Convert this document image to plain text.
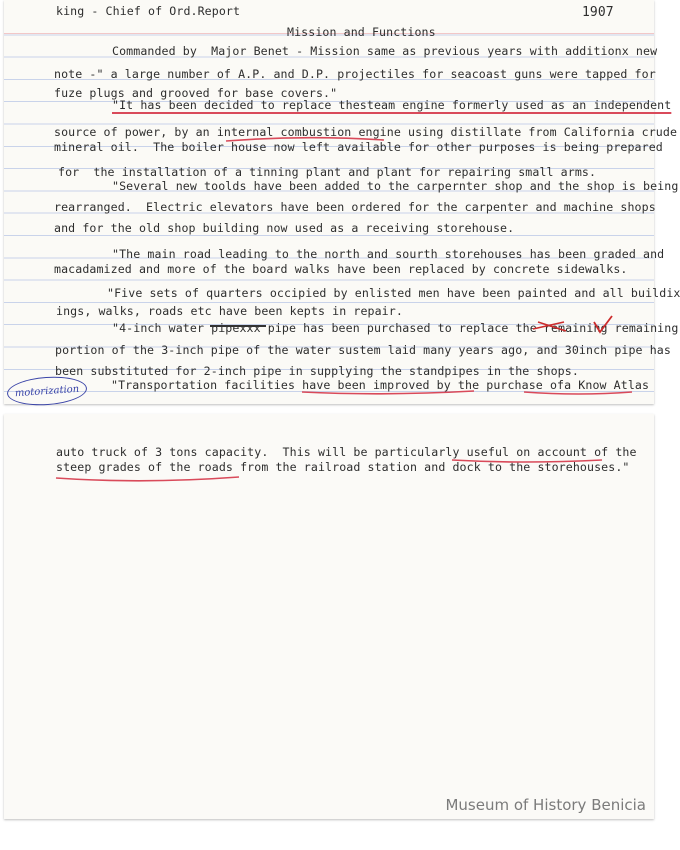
king - Chief of Ord.Report	1907
Mission and Functions
Commanded by  Major Benet - Mission same as previous years with additionx new
note -" a large number of A.P. and D.P. projectiles for seacoast guns were tapped for
fuze plugs and grooved for base covers."
"It has been decided to replace thesteam engine formerly used as an independent
source of power, by an internal combustion engine using distillate from California crude
mineral oil.  The boiler house now left available for other purposes is being prepared
for  the installation of a tinning plant and plant for repairing small arms.
"Several new toolds have been added to the carpernter shop and the shop is being
rearranged.  Electric elevators have been ordered for the carpenter and machine shops
and for the old shop building now used as a receiving storehouse.
"The main road leading to the north and sourth storehouses has been graded and
macadamized and more of the board walks have been replaced by concrete sidewalks.
"Five sets of quarters occipied by enlisted men have been painted and all buildix
ings, walks, roads etc have been kepts in repair.
"4-inch water pipexxx pipe has been purchased to replace the remaining remaining
portion of the 3-inch pipe of the water sustem laid many years ago, and 30inch pipe has
been substituted for 2-inch pipe in supplying the standpipes in the shops.
"Transportation facilities have been improved by the purchase ofa Know Atlas
motorization
auto truck of 3 tons capacity.  This will be particularly useful on account of the
steep grades of the roads from the railroad station and dock to the storehouses."
Museum of History Benicia
